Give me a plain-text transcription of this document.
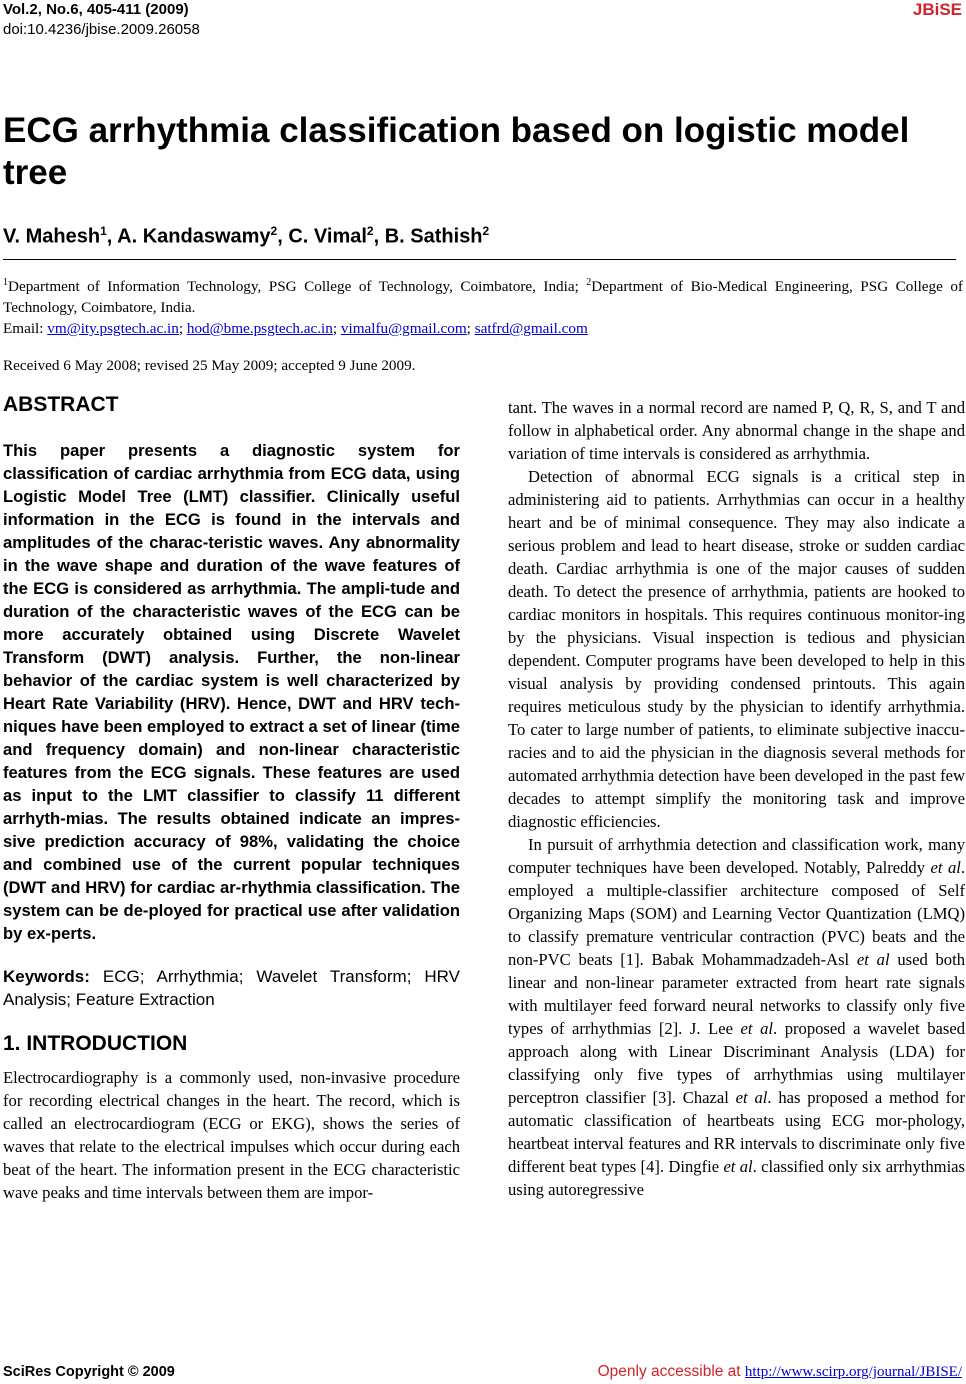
Vol.2, No.6, 405-411 (2009)
doi:10.4236/jbise.2009.26058
JBiSE
ECG arrhythmia classification based on logistic model tree
V. Mahesh$^1$, A. Kandaswamy$^2$, C. Vimal$^2$, B. Sathish$^2$
$^1$Department of Information Technology, PSG College of Technology, Coimbatore, India; $^2$Department of Bio-Medical Engineering, PSG College of Technology, Coimbatore, India.
Email: vm@ity.psgtech.ac.in; hod@bme.psgtech.ac.in; vimalfu@gmail.com; satfrd@gmail.com
Received 6 May 2008; revised 25 May 2009; accepted 9 June 2009.
ABSTRACT

This paper presents a diagnostic system for classification of cardiac arrhythmia from ECG data, using Logistic Model Tree (LMT) classifier. Clinically useful information in the ECG is found in the intervals and amplitudes of the charac-teristic waves. Any abnormality in the wave shape and duration of the wave features of the ECG is considered as arrhythmia. The ampli-tude and duration of the characteristic waves of the ECG can be more accurately obtained using Discrete Wavelet Transform (DWT) analysis. Further, the non-linear behavior of the cardiac system is well characterized by Heart Rate Variability (HRV). Hence, DWT and HRV tech-niques have been employed to extract a set of linear (time and frequency domain) and non-linear characteristic features from the ECG signals. These features are used as input to the LMT classifier to classify 11 different arrhyth-mias. The results obtained indicate an impres-sive prediction accuracy of 98%, validating the choice and combined use of the current popular techniques (DWT and HRV) for cardiac ar-rhythmia classification. The system can be de-ployed for practical use after validation by ex-perts.

Keywords: ECG; Arrhythmia; Wavelet Transform; HRV Analysis; Feature Extraction

1. INTRODUCTION

Electrocardiography is a commonly used, non-invasive procedure for recording electrical changes in the heart. The record, which is called an electrocardiogram (ECG or EKG), shows the series of waves that relate to the electrical impulses which occur during each beat of the heart. The information present in the ECG characteristic wave peaks and time intervals between them are impor-

tant. The waves in a normal record are named P, Q, R, S, and T and follow in alphabetical order. Any abnormal change in the shape and variation of time intervals is considered as arrhythmia.

Detection of abnormal ECG signals is a critical step in administering aid to patients. Arrhythmias can occur in a healthy heart and be of minimal consequence. They may also indicate a serious problem and lead to heart disease, stroke or sudden cardiac death. Cardiac arrhythmia is one of the major causes of sudden death. To detect the presence of arrhythmia, patients are hooked to cardiac monitors in hospitals. This requires continuous monitor-ing by the physicians. Visual inspection is tedious and physician dependent. Computer programs have been developed to help in this visual analysis by providing condensed printouts. This again requires meticulous study by the physician to identify arrhythmia. To cater to large number of patients, to eliminate subjective inaccu-racies and to aid the physician in the diagnosis several methods for automated arrhythmia detection have been developed in the past few decades to attempt simplify the monitoring task and improve diagnostic efficiencies.

In pursuit of arrhythmia detection and classification work, many computer techniques have been developed. Notably, Palreddy et al. employed a multiple-classifier architecture composed of Self Organizing Maps (SOM) and Learning Vector Quantization (LMQ) to classify premature ventricular contraction (PVC) beats and the non-PVC beats [1]. Babak Mohammadzadeh-Asl et al used both linear and non-linear parameter extracted from heart rate signals with multilayer feed forward neural networks to classify only five types of arrhythmias [2]. J. Lee et al. proposed a wavelet based approach along with Linear Discriminant Analysis (LDA) for classifying only five types of arrhythmias using multilayer perceptron classifier [3]. Chazal et al. has proposed a method for automatic classification of heartbeats using ECG mor-phology, heartbeat interval features and RR intervals to discriminate only five different beat types [4]. Dingfie et al. classified only six arrhythmias using autoregressive

SciRes Copyright © 2009	Openly accessible at http://www.scirp.org/journal/JBISE/
